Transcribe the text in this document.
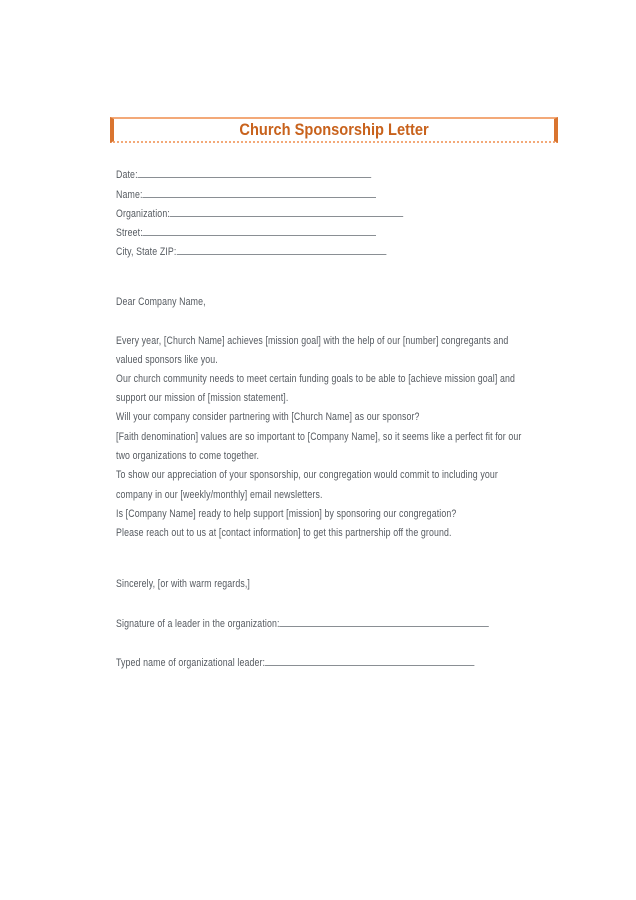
Church Sponsorship Letter
Date:
Name:
Organization:
Street:
City, State ZIP:
Dear Company Name,
Every year, [Church Name] achieves [mission goal] with the help of our [number] congregants and
valued sponsors like you.
Our church community needs to meet certain funding goals to be able to [achieve mission goal] and
support our mission of [mission statement].
Will your company consider partnering with [Church Name] as our sponsor?
[Faith denomination] values are so important to [Company Name], so it seems like a perfect fit for our
two organizations to come together.
To show our appreciation of your sponsorship, our congregation would commit to including your
company in our [weekly/monthly] email newsletters.
Is [Company Name] ready to help support [mission] by sponsoring our congregation?
Please reach out to us at [contact information] to get this partnership off the ground.
Sincerely, [or with warm regards,]
Signature of a leader in the organization:
Typed name of organizational leader:
